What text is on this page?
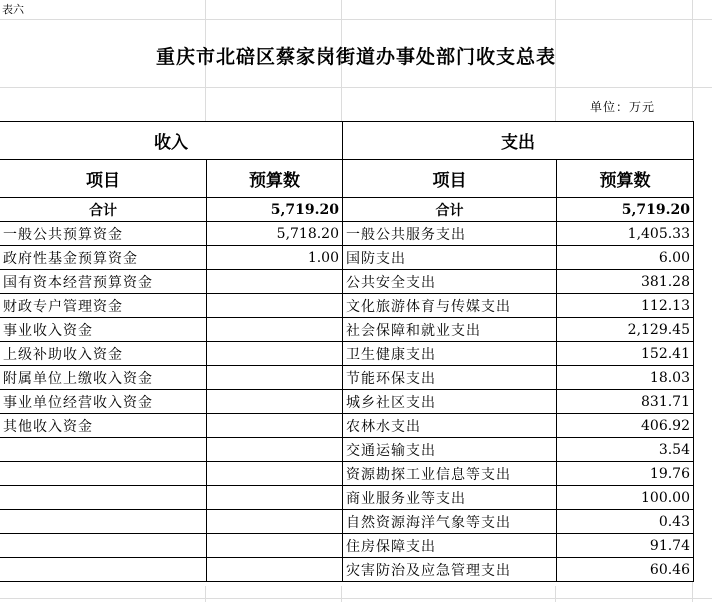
表六
重庆市北碚区蔡家岗街道办事处部门收支总表
单位：万元
收入		支出	
项目	预算数	项目	预算数
合计	5,719.20	合计	5,719.20
一般公共预算资金	5,718.20	一般公共服务支出	1,405.33
政府性基金预算资金	1.00	国防支出	6.00
国有资本经营预算资金		公共安全支出	381.28
财政专户管理资金		文化旅游体育与传媒支出	112.13
事业收入资金		社会保障和就业支出	2,129.45
上级补助收入资金		卫生健康支出	152.41
附属单位上缴收入资金		节能环保支出	18.03
事业单位经营收入资金		城乡社区支出	831.71
其他收入资金		农林水支出	406.92
		交通运输支出	3.54
		资源勘探工业信息等支出	19.76
		商业服务业等支出	100.00
		自然资源海洋气象等支出	0.43
		住房保障支出	91.74
		灾害防治及应急管理支出	60.46
